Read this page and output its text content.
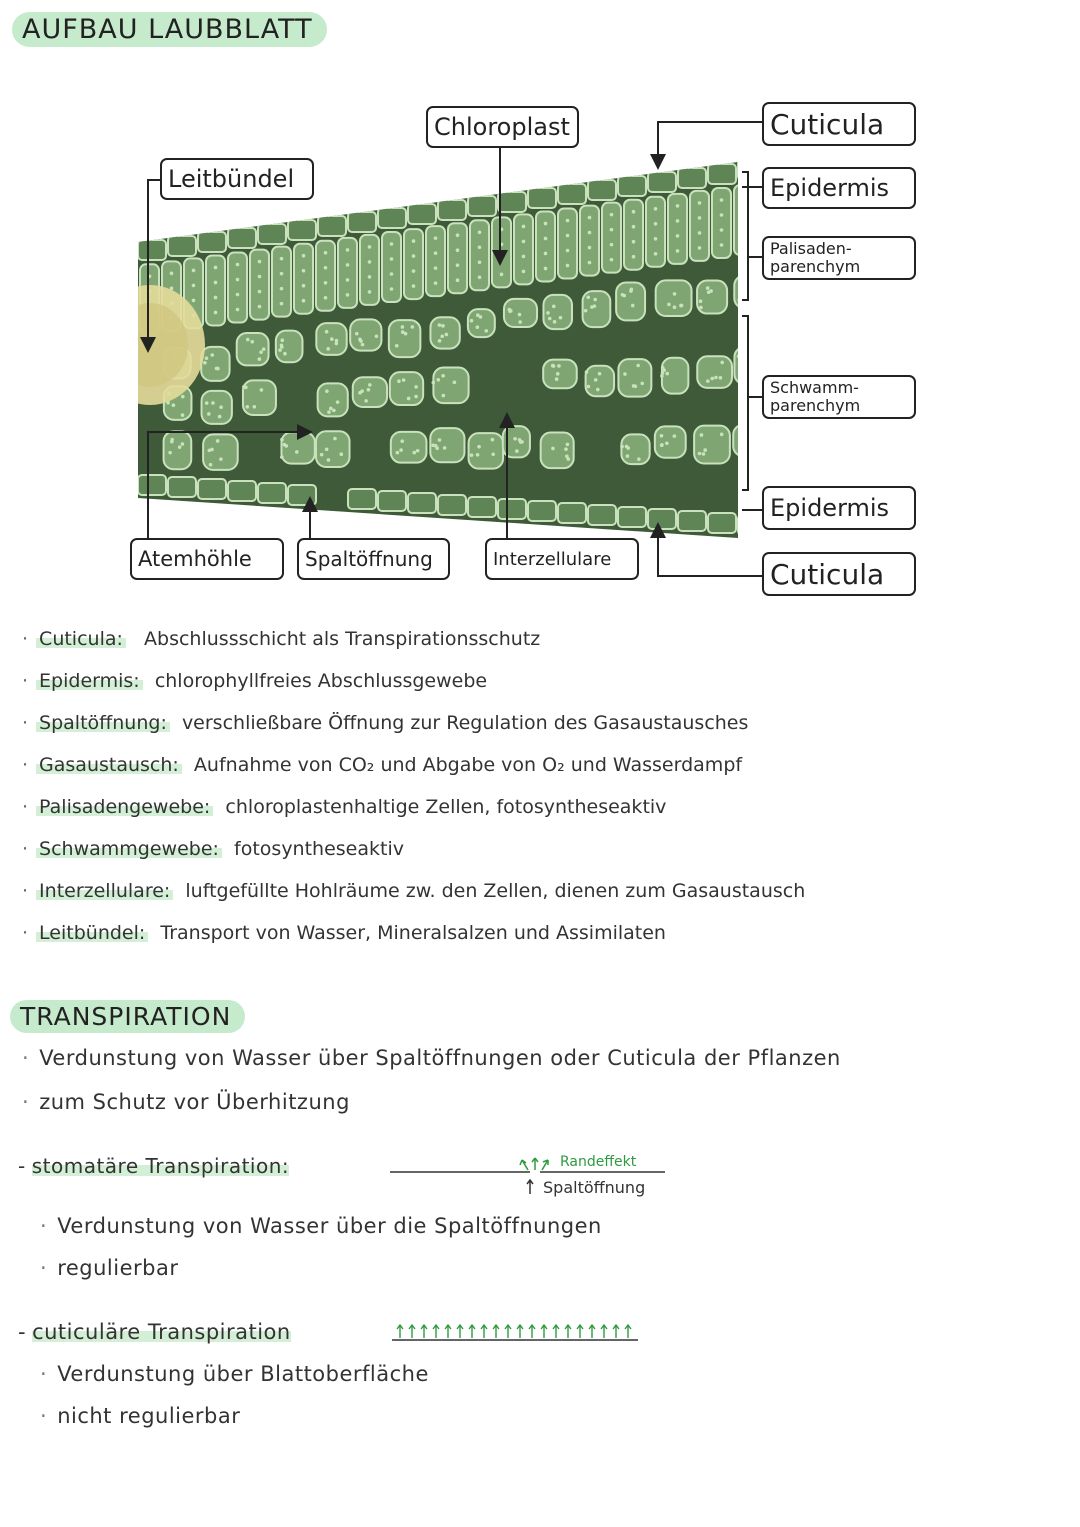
AUFBAU LAUBBLATT
Chloroplast
Leitbündel
Cuticula
Epidermis
Palisaden-parenchym
Schwamm-parenchym
Epidermis
Cuticula
Atemhöhle	Spaltöffnung	Interzellulare
· Cuticula: Abschlussschicht als Transpirationsschutz
· Epidermis: chlorophyllfreies Abschlussgewebe
· Spaltöffnung: verschließbare Öffnung zur Regulation des Gasaustausches
· Gasaustausch: Aufnahme von CO₂ und Abgabe von O₂ und Wasserdampf
· Palisadengewebe: chloroplastenhaltige Zellen, fotosyntheseaktiv
· Schwammgewebe: fotosyntheseaktiv
· Interzellulare: luftgefüllte Hohlräume zw. den Zellen, dienen zum Gasaustausch
· Leitbündel: Transport von Wasser, Mineralsalzen und Assimilaten
TRANSPIRATION
· Verdunstung von Wasser über Spaltöffnungen oder Cuticula der Pflanzen
· zum Schutz vor Überhitzung
- stomatäre Transpiration:	Randeffekt
Spaltöffnung
· Verdunstung von Wasser über die Spaltöffnungen
· regulierbar
- cuticuläre Transpiration
· Verdunstung über Blattoberfläche
· nicht regulierbar
